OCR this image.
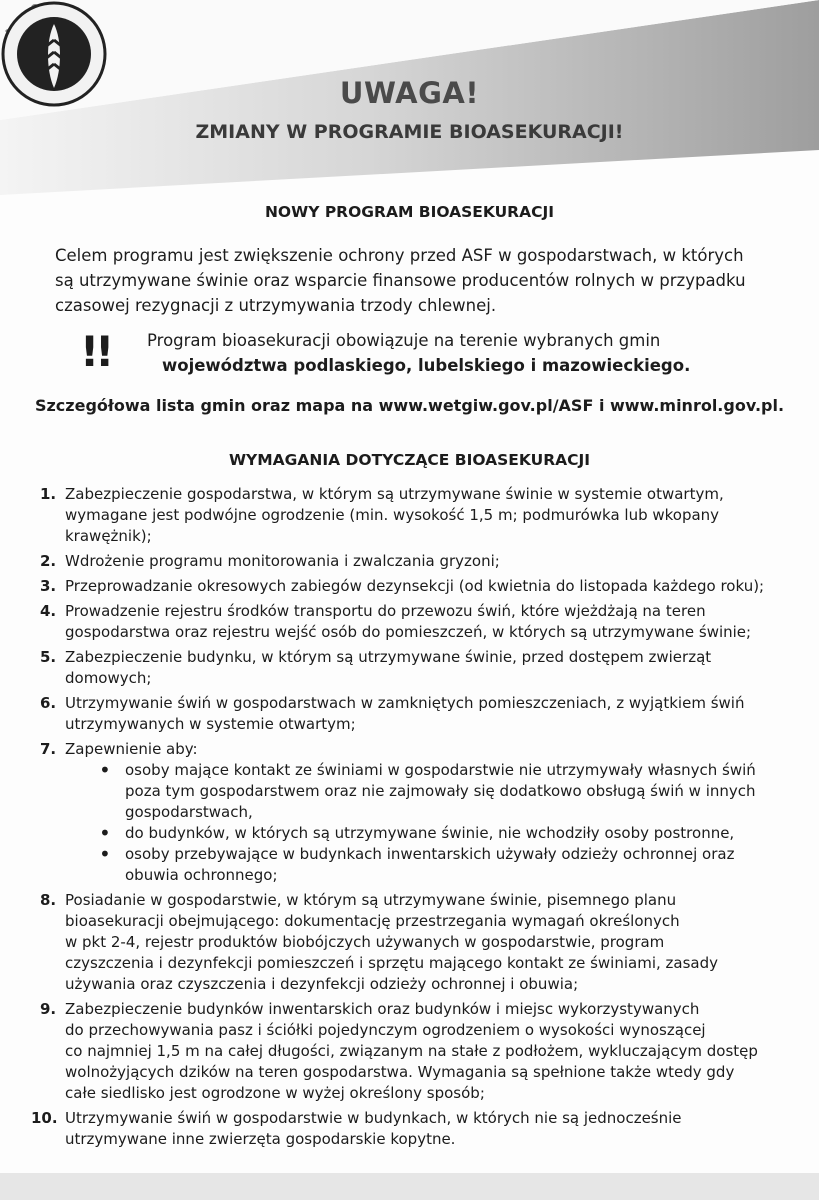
UWAGA!
ZMIANY W PROGRAMIE BIOASEKURACJI!
NOWY PROGRAM BIOASEKURACJI
Celem programu jest zwiększenie ochrony przed ASF w gospodarstwach, w których
są utrzymywane świnie oraz wsparcie finansowe producentów rolnych w przypadku
czasowej rezygnacji z utrzymywania trzody chlewnej.
!! Program bioasekuracji obowiązuje na terenie wybranych gmin
województwa podlaskiego, lubelskiego i mazowieckiego.
Szczegółowa lista gmin oraz mapa na www.wetgiw.gov.pl/ASF i www.minrol.gov.pl.
WYMAGANIA DOTYCZĄCE BIOASEKURACJI
1. Zabezpieczenie gospodarstwa, w którym są utrzymywane świnie w systemie otwartym,
wymagane jest podwójne ogrodzenie (min. wysokość 1,5 m; podmurówka lub wkopany
krawężnik);
2. Wdrożenie programu monitorowania i zwalczania gryzoni;
3. Przeprowadzanie okresowych zabiegów dezynsekcji (od kwietnia do listopada każdego roku);
4. Prowadzenie rejestru środków transportu do przewozu świń, które wjeżdżają na teren
gospodarstwa oraz rejestru wejść osób do pomieszczeń, w których są utrzymywane świnie;
5. Zabezpieczenie budynku, w którym są utrzymywane świnie, przed dostępem zwierząt
domowych;
6. Utrzymywanie świń w gospodarstwach w zamkniętych pomieszczeniach, z wyjątkiem świń
utrzymywanych w systemie otwartym;
7. Zapewnienie aby:
• osoby mające kontakt ze świniami w gospodarstwie nie utrzymywały własnych świń
poza tym gospodarstwem oraz nie zajmowały się dodatkowo obsługą świń w innych
gospodarstwach,
• do budynków, w których są utrzymywane świnie, nie wchodziły osoby postronne,
• osoby przebywające w budynkach inwentarskich używały odzieży ochronnej oraz
obuwia ochronnego;
8. Posiadanie w gospodarstwie, w którym są utrzymywane świnie, pisemnego planu
bioasekuracji obejmującego: dokumentację przestrzegania wymagań określonych
w pkt 2-4, rejestr produktów biobójczych używanych w gospodarstwie, program
czyszczenia i dezynfekcji pomieszczeń i sprzętu mającego kontakt ze świniami, zasady
używania oraz czyszczenia i dezynfekcji odzieży ochronnej i obuwia;
9. Zabezpieczenie budynków inwentarskich oraz budynków i miejsc wykorzystywanych
do przechowywania pasz i ściółki pojedynczym ogrodzeniem o wysokości wynoszącej
co najmniej 1,5 m na całej długości, związanym na stałe z podłożem, wykluczającym dostęp
wolnożyjących dzików na teren gospodarstwa. Wymagania są spełnione także wtedy gdy
całe siedlisko jest ogrodzone w wyżej określony sposób;
10. Utrzymywanie świń w gospodarstwie w budynkach, w których nie są jednocześnie
utrzymywane inne zwierzęta gospodarskie kopytne.
